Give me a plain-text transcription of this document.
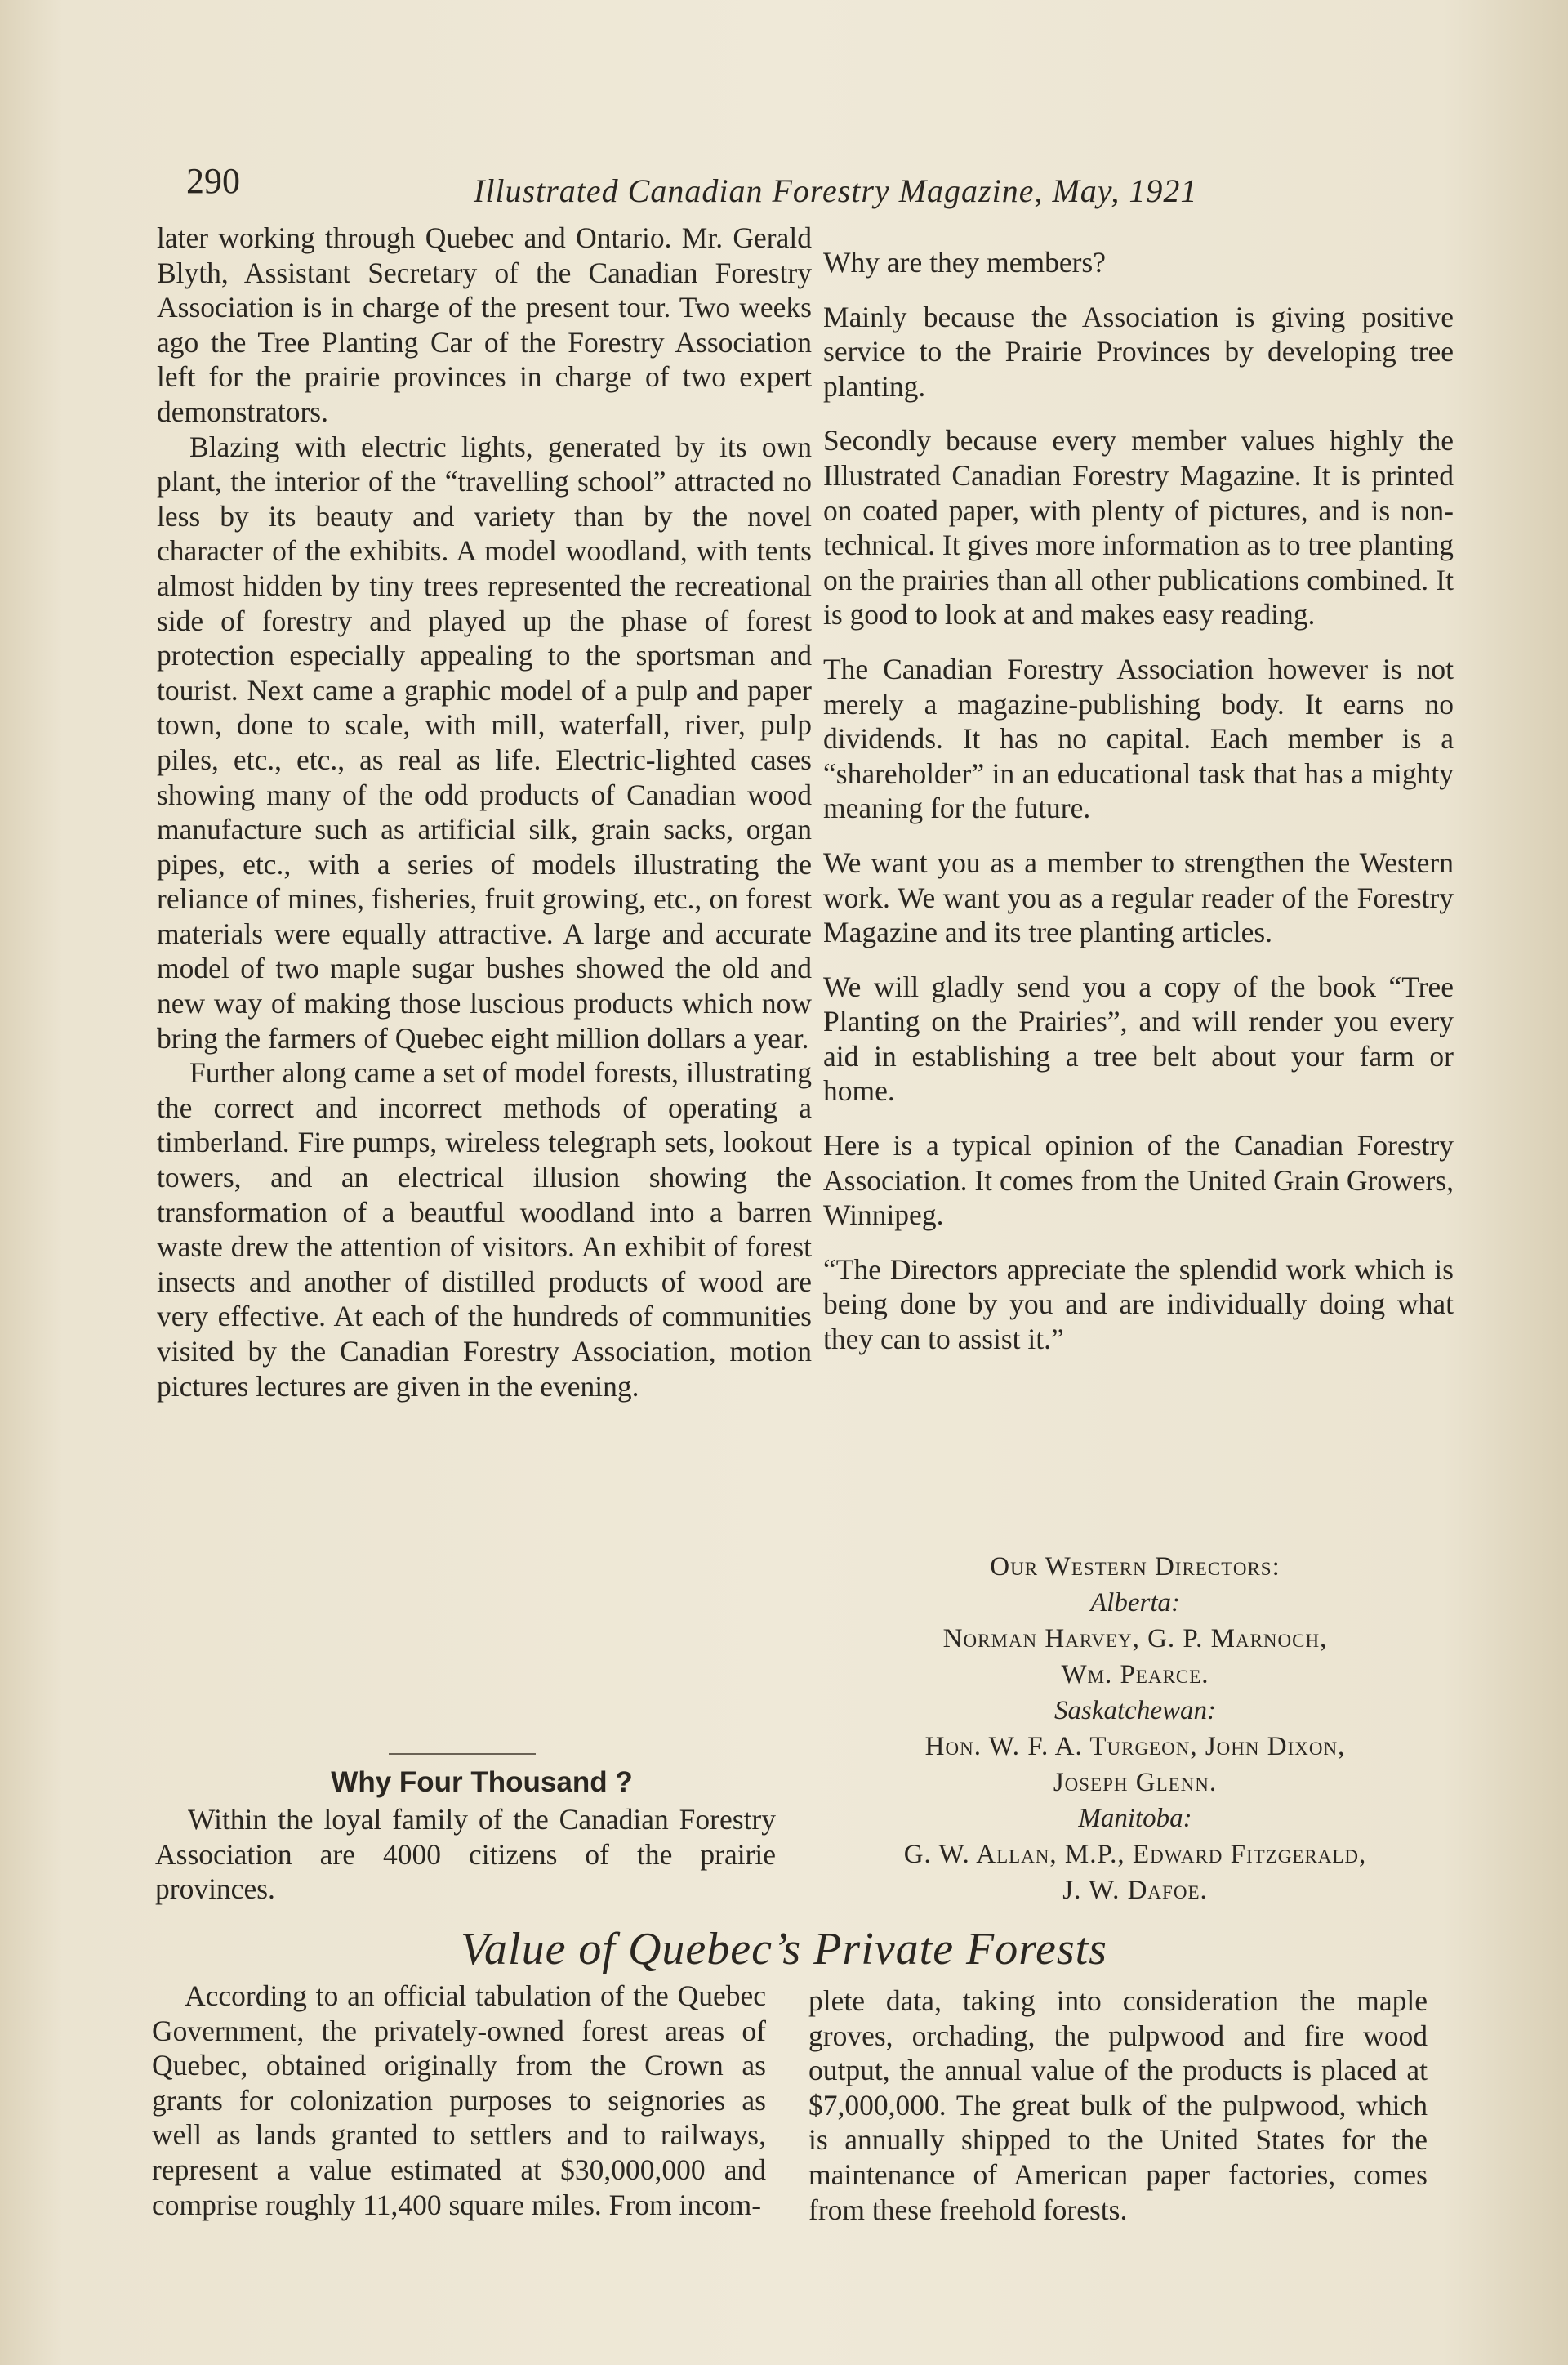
290	Illustrated Canadian Forestry Magazine, May, 1921

later working through Quebec and Ontario. Mr. Gerald Blyth, Assistant Secretary of the Canadian Forestry Association is in charge of the present tour. Two weeks ago the Tree Planting Car of the Forestry Association left for the prairie provinces in charge of two expert demonstrators.

Blazing with electric lights, generated by its own plant, the interior of the “travelling school” attracted no less by its beauty and variety than by the novel character of the exhibits. A model woodland, with tents almost hidden by tiny trees represented the recreational side of forestry and played up the phase of forest protection especially appealing to the sportsman and tourist. Next came a graphic model of a pulp and paper town, done to scale, with mill, waterfall, river, pulp piles, etc., etc., as real as life. Electric-lighted cases showing many of the odd products of Canadian wood manufacture such as artificial silk, grain sacks, organ pipes, etc., with a series of models illustrating the reliance of mines, fisheries, fruit growing, etc., on forest materials were equally attractive. A large and accurate model of two maple sugar bushes showed the old and new way of making those luscious products which now bring the farmers of Quebec eight million dollars a year.

Further along came a set of model forests, illustrating the correct and incorrect methods of operating a timberland. Fire pumps, wireless telegraph sets, lookout towers, and an electrical illusion showing the transformation of a beautful woodland into a barren waste drew the attention of visitors. An exhibit of forest insects and another of distilled products of wood are very effective. At each of the hundreds of communities visited by the Canadian Forestry Association, motion pictures lectures are given in the evening.

Why Four Thousand ?

Within the loyal family of the Canadian Forestry Association are 4000 citizens of the prairie provinces.

Why are they members?

Mainly because the Association is giving positive service to the Prairie Provinces by developing tree planting.

Secondly because every member values highly the Illustrated Canadian Forestry Magazine. It is printed on coated paper, with plenty of pictures, and is non-technical. It gives more information as to tree planting on the prairies than all other publications combined. It is good to look at and makes easy reading.

The Canadian Forestry Association however is not merely a magazine-publishing body. It earns no dividends. It has no capital. Each member is a “shareholder” in an educational task that has a mighty meaning for the future.

We want you as a member to strengthen the Western work. We want you as a regular reader of the Forestry Magazine and its tree planting articles.

We will gladly send you a copy of the book “Tree Planting on the Prairies”, and will render you every aid in establishing a tree belt about your farm or home.

Here is a typical opinion of the Canadian Forestry Association. It comes from the United Grain Growers, Winnipeg.

“The Directors appreciate the splendid work which is being done by you and are individually doing what they can to assist it.”

Our Western Directors:
Alberta:
Norman Harvey, G. P. Marnoch,
Wm. Pearce.
Saskatchewan:
Hon. W. F. A. Turgeon, John Dixon,
Joseph Glenn.
Manitoba:
G. W. Allan, M.P., Edward Fitzgerald,
J. W. Dafoe.
Value of Quebec’s Private Forests

According to an official tabulation of the Quebec Government, the privately-owned forest areas of Quebec, obtained originally from the Crown as grants for colonization purposes to seignories as well as lands granted to settlers and to railways, represent a value estimated at $30,000,000 and comprise roughly 11,400 square miles. From incom-

plete data, taking into consideration the maple groves, orchading, the pulpwood and fire wood output, the annual value of the products is placed at $7,000,000. The great bulk of the pulpwood, which is annually shipped to the United States for the maintenance of American paper factories, comes from these freehold forests.
